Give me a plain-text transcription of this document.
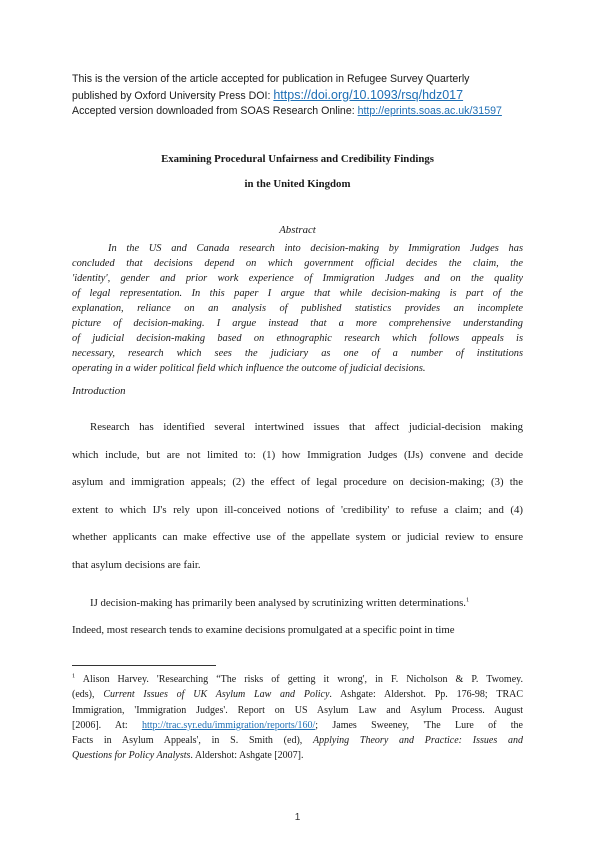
This is the version of the article accepted for publication in Refugee Survey Quarterly
published by Oxford University Press DOI: https://doi.org/10.1093/rsq/hdz017
Accepted version downloaded from SOAS Research Online: http://eprints.soas.ac.uk/31597
Examining Procedural Unfairness and Credibility Findings
in the United Kingdom
Abstract
In the US and Canada research into decision-making by Immigration Judges has
concluded that decisions depend on which government official decides the claim, the
'identity', gender and prior work experience of Immigration Judges and on the quality
of legal representation. In this paper I argue that while decision-making is part of the
explanation, reliance on an analysis of published statistics provides an incomplete
picture of decision-making. I argue instead that a more comprehensive understanding
of judicial decision-making based on ethnographic research which follows appeals is
necessary, research which sees the judiciary as one of a number of institutions
operating in a wider political field which influence the outcome of judicial decisions.
Introduction
Research has identified several intertwined issues that affect judicial-decision making
which include, but are not limited to: (1) how Immigration Judges (IJs) convene and decide
asylum and immigration appeals; (2) the effect of legal procedure on decision-making; (3) the
extent to which IJ's rely upon ill-conceived notions of 'credibility' to refuse a claim; and (4)
whether applicants can make effective use of the appellate system or judicial review to ensure
that asylum decisions are fair.
IJ decision-making has primarily been analysed by scrutinizing written determinations.$^1$
Indeed, most research tends to examine decisions promulgated at a specific point in time
$^1$ Alison Harvey. 'Researching “The risks of getting it wrong', in F. Nicholson & P. Twomey.
(eds), Current Issues of UK Asylum Law and Policy. Ashgate: Aldershot. Pp. 176-98; TRAC
Immigration, 'Immigration Judges'. Report on US Asylum Law and Asylum Process. August
[2006]. At: http://trac.syr.edu/immigration/reports/160/; James Sweeney, 'The Lure of the
Facts in Asylum Appeals', in S. Smith (ed), Applying Theory and Practice: Issues and
Questions for Policy Analysts. Aldershot: Ashgate [2007].
1
